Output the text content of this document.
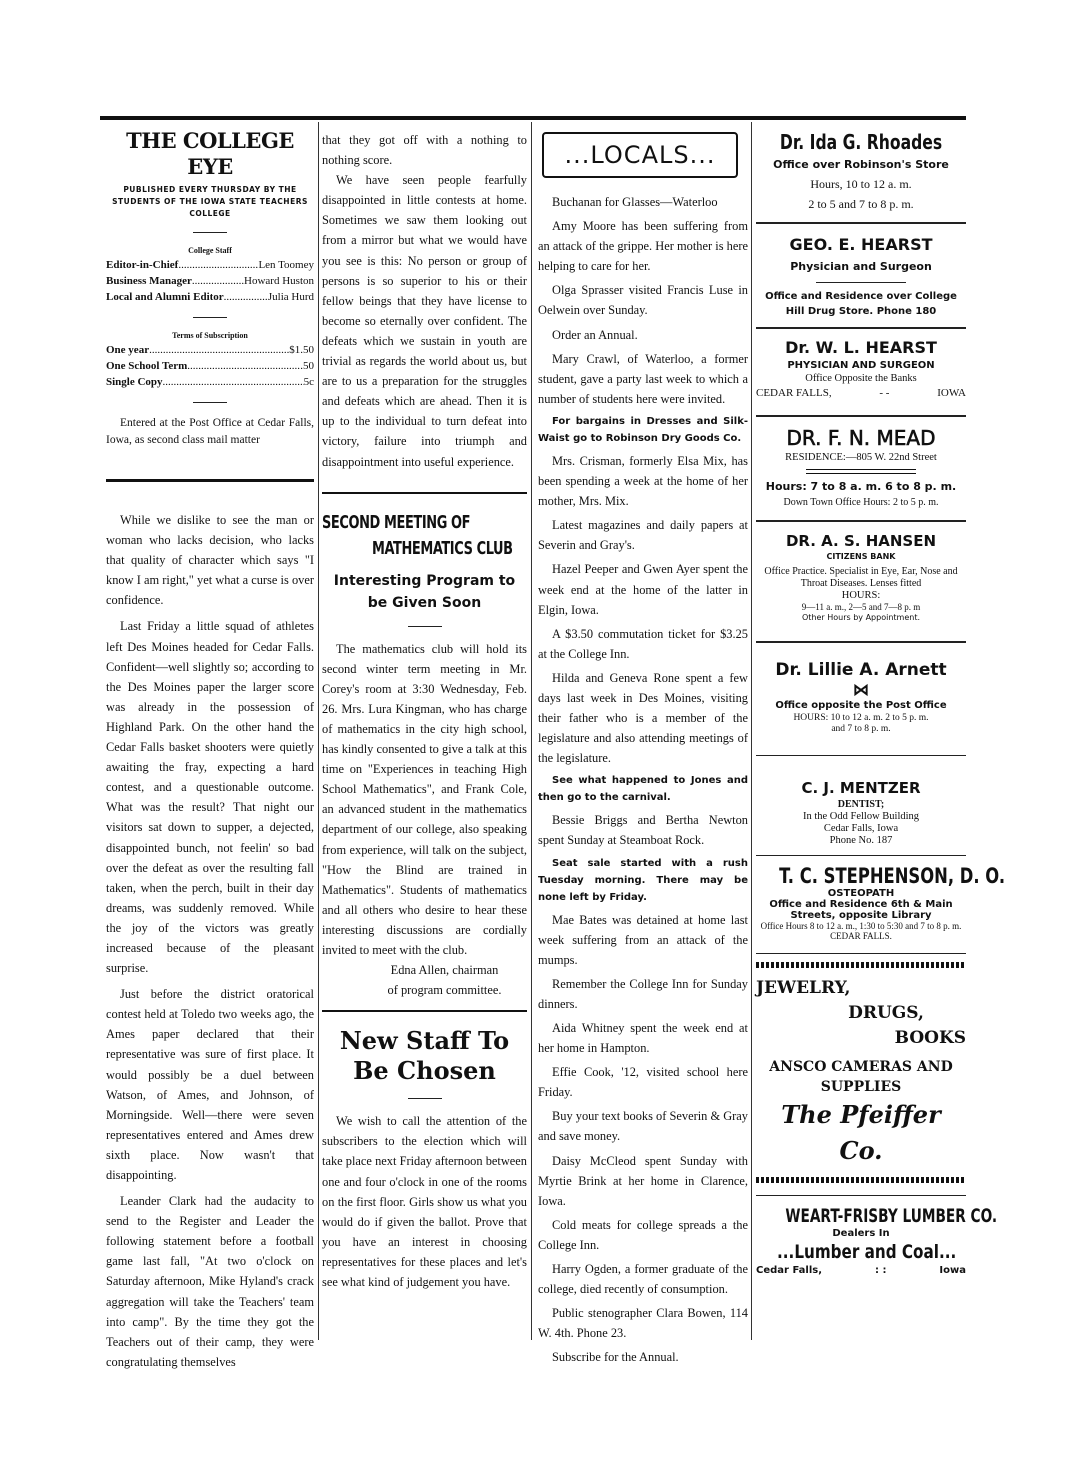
THE COLLEGE EYE
PUBLISHED EVERY THURSDAY BY THE STUDENTS OF THE IOWA STATE TEACHERS COLLEGE
College Staff
Editor-in-Chief .....	Len Toomey
Business Manager .....	Howard Huston
Local and Alumni Editor .....	Julia Hurd
Terms of Subscription
One year .....	$1.50
One School Term .....	.50
Single Copy .....	5c

Entered at the Post Office at Cedar Falls, Iowa, as second class mail matter

While we dislike to see the man or woman who lacks decision, who lacks that quality of character which says "I know I am right," yet what a curse is over confidence.

Last Friday a little squad of athletes left Des Moines headed for Cedar Falls. Confident—well slightly so; according to the Des Moines paper the larger score was already in the possession of Highland Park. On the other hand the Cedar Falls basket shooters were quietly awaiting the fray, expecting a hard contest, and a questionable outcome. What was the result? That night our visitors sat down to supper, a dejected, disappointed bunch, not feelin' so bad over the defeat as over the resulting fall taken, when the perch, built in their day dreams, was suddenly removed. While the joy of the victors was greatly increased because of the pleasant surprise.

Just before the district oratorical contest held at Toledo two weeks ago, the Ames paper declared that their representative was sure of first place. It would possibly be a duel between Watson, of Ames, and Johnson, of Morningside. Well—there were seven representatives entered and Ames drew sixth place. Now wasn't that disappointing.

Leander Clark had the audacity to send to the Register and Leader the following statement before a football game last fall, "At two o'clock on Saturday afternoon, Mike Hyland's crack aggregation will take the Teachers' team into camp". By the time they got the Teachers out of their camp, they were congratulating themselves

that they got off with a nothing to nothing score.

We have seen people fearfully disappointed in little contests at home. Sometimes we saw them looking out from a mirror but what we would have you see is this: No person or group of persons is so superior to his or their fellow beings that they have license to become so eternally over confident. The defeats which we sustain in youth are trivial as regards the world about us, but are to us a preparation for the struggles and defeats which are ahead. Then it is up to the individual to turn defeat into victory, failure into triumph and disappointment into useful experience.

SECOND MEETING OF
MATHEMATICS CLUB
Interesting Program to be Given Soon

The mathematics club will hold its second winter term meeting in Mr. Corey's room at 3:30 Wednesday, Feb. 26. Mrs. Lura Kingman, who has charge of mathematics in the city high school, has kindly consented to give a talk at this time on "Experiences in teaching High School Mathematics", and Frank Cole, an advanced student in the mathematics department of our college, also speaking from experience, will talk on the subject, "How the Blind are trained in Mathematics". Students of mathematics and all others who desire to hear these interesting discussions are cordially invited to meet with the club.

Edna Allen, chairman
of program committee.
New Staff To Be Chosen

We wish to call the attention of the subscribers to the election which will take place next Friday afternoon between one and four o'clock in one of the rooms on the first floor. Girls show us what you would do if given the ballot. Prove that you have an interest in choosing representatives for these places and let's see what kind of judgement you have.

...LOCALS...

Buchanan for Glasses—Waterloo

Amy Moore has been suffering from an attack of the grippe. Her mother is here helping to care for her.

Olga Sprasser visited Francis Luse in Oelwein over Sunday.

Order an Annual.

Mary Crawl, of Waterloo, a former student, gave a party last week to which a number of students here were invited.

For bargains in Dresses and Silk-Waist go to Robinson Dry Goods Co.

Mrs. Crisman, formerly Elsa Mix, has been spending a week at the home of her mother, Mrs. Mix.

Latest magazines and daily papers at Severin and Gray's.

Hazel Peeper and Gwen Ayer spent the week end at the home of the latter in Elgin, Iowa.

A $3.50 commutation ticket for $3.25 at the College Inn.

Hilda and Geneva Rone spent a few days last week in Des Moines, visiting their father who is a member of the legislature and also attending meetings of the legislature.

See what happened to Jones and then go to the carnival.

Bessie Briggs and Bertha Newton spent Sunday at Steamboat Rock.

Seat sale started with a rush Tuesday morning. There may be none left by Friday.

Mae Bates was detained at home last week suffering from an attack of the mumps.

Remember the College Inn for Sunday dinners.

Aida Whitney spent the week end at her home in Hampton.

Effie Cook, '12, visited school here Friday.

Buy your text books of Severin & Gray and save money.

Daisy McCleod spent Sunday with Myrtie Brink at her home in Clarence, Iowa.

Cold meats for college spreads a the College Inn.

Harry Ogden, a former graduate of the college, died recently of consumption.

Public stenographer Clara Bowen, 114 W. 4th. Phone 23.

Subscribe for the Annual.

Dr. Ida G. Rhoades
Office over Robinson's Store
Hours, 10 to 12 a. m.
2 to 5 and 7 to 8 p. m.
GEO. E. HEARST
Physician and Surgeon
Office and Residence over College Hill Drug Store. Phone 180
Dr. W. L. HEARST
PHYSICIAN AND SURGEON
Office Opposite the Banks
CEDAR FALLS,	- -	IOWA
DR. F. N. MEAD
RESIDENCE:—805 W. 22nd Street
Hours: 7 to 8 a. m. 6 to 8 p. m.
Down Town Office Hours: 2 to 5 p. m.
DR. A. S. HANSEN
CITIZENS BANK
Office Practice. Specialist in Eye, Ear, Nose and Throat Diseases. Lenses fitted
HOURS:
9—11 a. m., 2—5 and 7—8 p. m
Other Hours by Appointment.
Dr. Lillie A. Arnett
⋈
Office opposite the Post Office
HOURS: 10 to 12 a. m. 2 to 5 p. m.
and 7 to 8 p. m.
C. J. MENTZER
DENTIST;
In the Odd Fellow Building
Cedar Falls, Iowa
Phone No. 187
T. C. STEPHENSON, D. O.
OSTEOPATH
Office and Residence 6th & Main Streets, opposite Library
Office Hours 8 to 12 a. m., 1:30 to 5:30 and 7 to 8 p. m. CEDAR FALLS.
JEWELRY,
DRUGS,
BOOKS
ANSCO CAMERAS AND SUPPLIES
The Pfeiffer Co.
WEART-FRISBY LUMBER CO.
Dealers In
...Lumber and Coal...
Cedar Falls,	: :	Iowa
